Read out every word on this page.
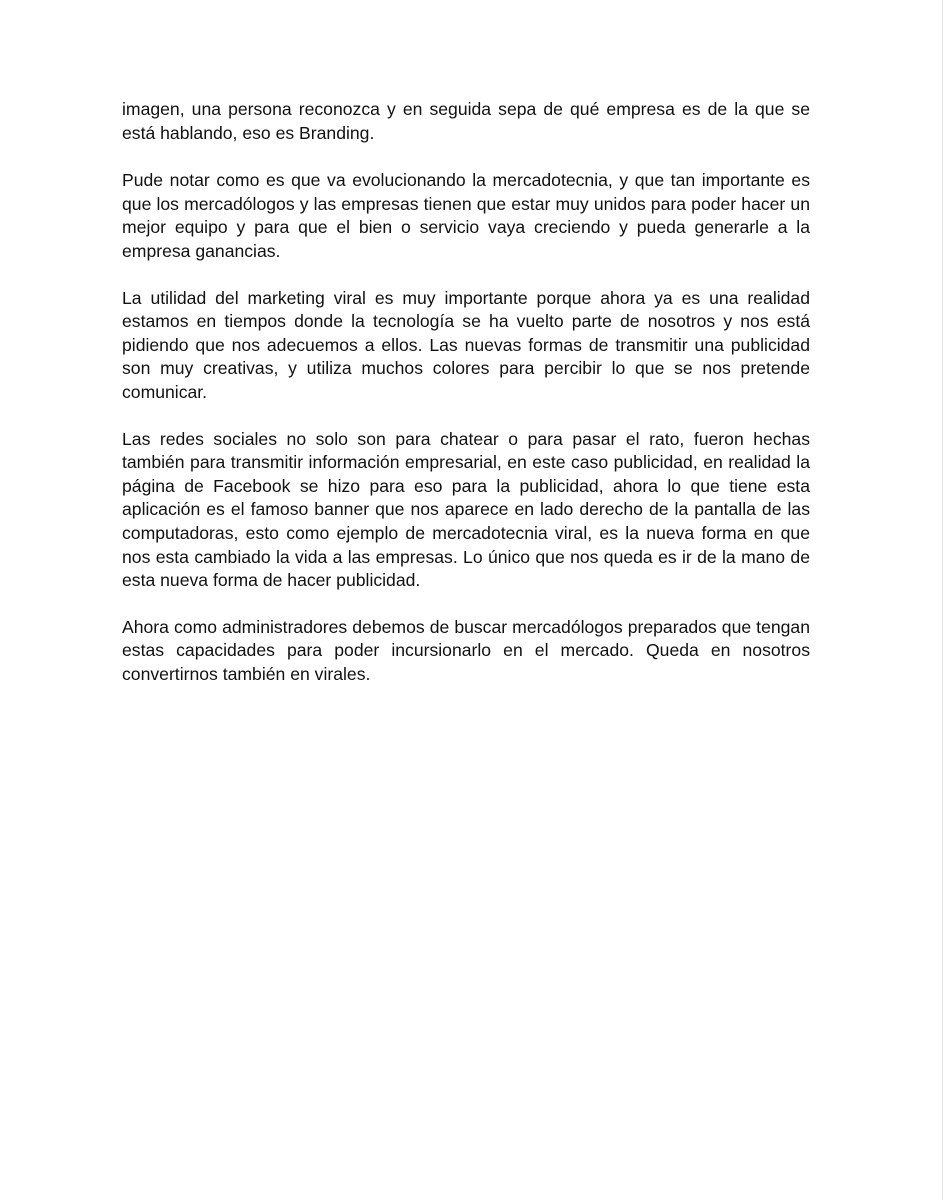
imagen, una persona reconozca y en seguida sepa de qué empresa es de la que se está hablando, eso es Branding.

Pude notar como es que va evolucionando la mercadotecnia, y que tan importante es que los mercadólogos y las empresas tienen que estar muy unidos para poder hacer un mejor equipo y para que el bien o servicio vaya creciendo y pueda generarle a la empresa ganancias.

La utilidad del marketing viral es muy importante porque ahora ya es una realidad estamos en tiempos donde la tecnología se ha vuelto parte de nosotros y nos está pidiendo que nos adecuemos a ellos. Las nuevas formas de transmitir una publicidad son muy creativas, y utiliza muchos colores para percibir lo que se nos pretende comunicar.

Las redes sociales no solo son para chatear o para pasar el rato, fueron hechas también para transmitir información empresarial, en este caso publicidad, en realidad la página de Facebook se hizo para eso para la publicidad, ahora lo que tiene esta aplicación es el famoso banner que nos aparece en lado derecho de la pantalla de las computadoras, esto como ejemplo de mercadotecnia viral, es la nueva forma en que nos esta cambiado la vida a las empresas. Lo único que nos queda es ir de la mano de esta nueva forma de hacer publicidad.

Ahora como administradores debemos de buscar mercadólogos preparados que tengan estas capacidades para poder incursionarlo en el mercado. Queda en nosotros convertirnos también en virales.
